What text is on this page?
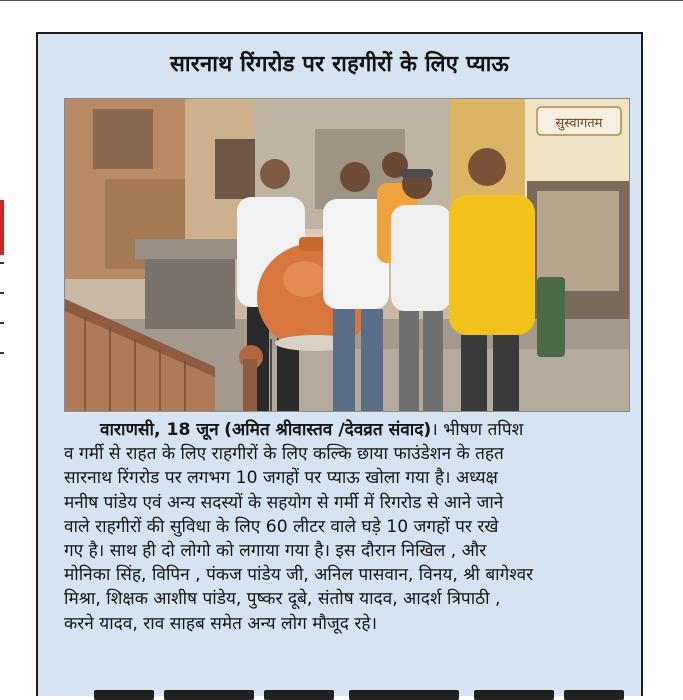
सारनाथ रिंगरोड पर राहगीरों के लिए प्याऊ
सुस्वागतम
वाराणसी, 18 जून (अमित श्रीवास्तव /देवव्रत संवाद)। भीषण तपिश
व गर्मी से राहत के लिए राहगीरों के लिए कल्कि छाया फाउंडेशन के तहत
सारनाथ रिंगरोड पर लगभग 10 जगहों पर प्याऊ खोला गया है। अध्यक्ष
मनीष पांडेय एवं अन्य सदस्यों के सहयोग से गर्मी में रिगरोड से आने जाने
वाले राहगीरों की सुविधा के लिए 60 लीटर वाले घड़े 10 जगहों पर रखे
गए है। साथ ही दो लोगो को लगाया गया है। इस दौरान निखिल , और
मोनिका सिंह, विपिन , पंकज पांडेय जी, अनिल पासवान, विनय, श्री बागेश्वर
मिश्रा, शिक्षक आशीष पांडेय, पुष्कर दूबे, संतोष यादव, आदर्श त्रिपाठी ,
करने यादव, राव साहब समेत अन्य लोग मौजूद रहे।
